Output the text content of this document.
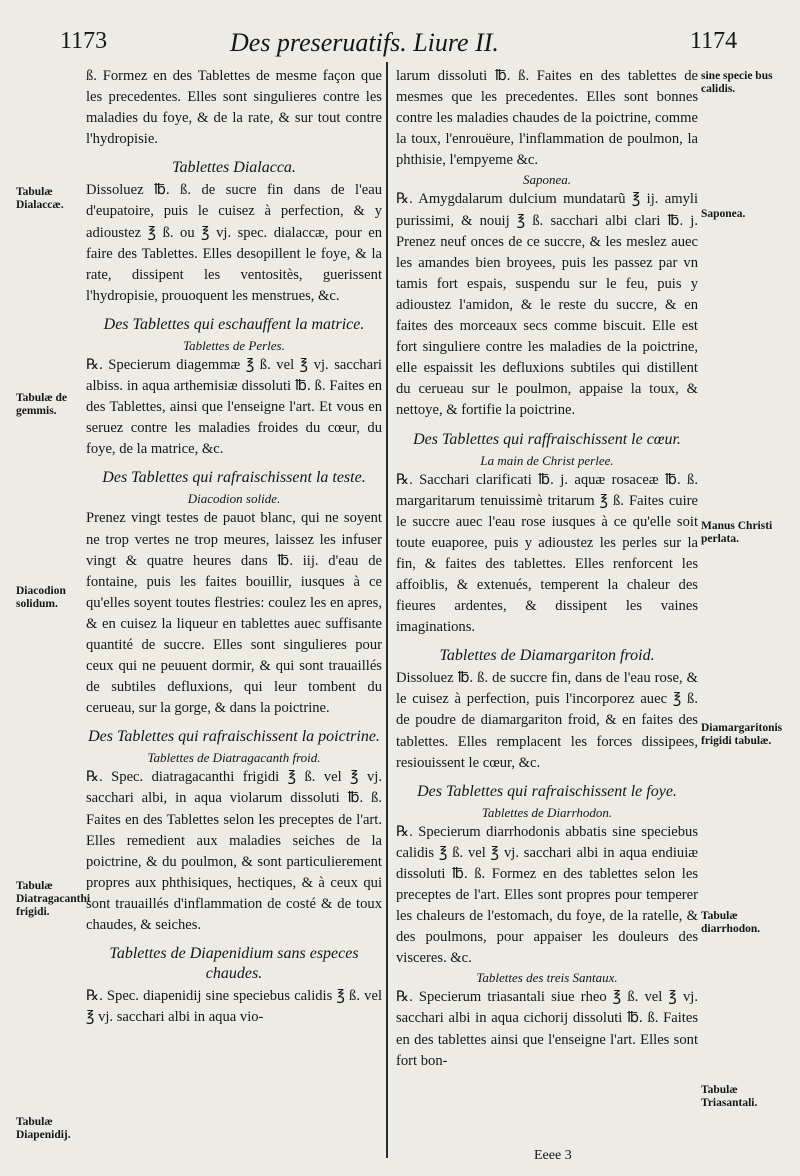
1173	Des preseruatifs. Liure II.	1174
Tabulæ Dialaccæ.
Tabulæ de gemmis.
Diacodion solidum.
Tabulæ Diatragacanthi frigidi.
Tabulæ Diapenidij.
sine specie bus calidis.
Saponea.
Manus Christi perlata.
Diamargaritonis frigidi tabulæ.
Tabulæ diarrhodon.
Tabulæ Triasantali.

ß. Formez en des Tablettes de mesme façon que les precedentes. Elles sont singulieres contre les maladies du foye, & de la rate, & sur tout contre l'hydropisie.

Tablettes Dialacca.

Dissoluez ℔. ß. de sucre fin dans de l'eau d'eupatoire, puis le cuisez à perfection, & y adioustez ℥ ß. ou ℥ vj. spec. dialaccæ, pour en faire des Tablettes. Elles desopillent le foye, & la rate, dissipent les ventositès, guerissent l'hydropisie, prouoquent les menstrues, &c.

Des Tablettes qui eschauffent la matrice.
Tablettes de Perles.

℞. Specierum diagemmæ ℥ ß. vel ℥ vj. sacchari albiss. in aqua arthemisiæ dissoluti ℔. ß. Faites en des Tablettes, ainsi que l'enseigne l'art. Et vous en seruez contre les maladies froides du cœur, du foye, de la matrice, &c.

Des Tablettes qui rafraischissent la teste.
Diacodion solide.

Prenez vingt testes de pauot blanc, qui ne soyent ne trop vertes ne trop meures, laissez les infuser vingt & quatre heures dans ℔. iij. d'eau de fontaine, puis les faites bouillir, iusques à ce qu'elles soyent toutes flestries: coulez les en apres, & en cuisez la liqueur en tablettes auec suffisante quantité de succre. Elles sont singulieres pour ceux qui ne peuuent dormir, & qui sont trauaillés de subtiles defluxions, qui leur tombent du cerueau, sur la gorge, & dans la poictrine.

Des Tablettes qui rafraischissent la poictrine.
Tablettes de Diatragacanth froid.

℞. Spec. diatragacanthi frigidi ℥ ß. vel ℥ vj. sacchari albi, in aqua violarum dissoluti ℔. ß. Faites en des Tablettes selon les preceptes de l'art. Elles remedient aux maladies seiches de la poictrine, & du poulmon, & sont particulierement propres aux phthisiques, hectiques, & à ceux qui sont trauaillés d'inflammation de costé & de toux chaudes, & seiches.

Tablettes de Diapenidium sans especes chaudes.

℞. Spec. diapenidij sine speciebus calidis ℥ ß. vel ℥ vj. sacchari albi in aqua vio-

larum dissoluti ℔. ß. Faites en des tablettes de mesmes que les precedentes. Elles sont bonnes contre les maladies chaudes de la poictrine, comme la toux, l'enrouëure, l'inflammation de poulmon, la phthisie, l'empyeme &c.

Saponea.

℞. Amygdalarum dulcium mundatarũ ℥ ij. amyli purissimi, & nouij ℥ ß. sacchari albi clari ℔. j. Prenez neuf onces de ce succre, & les meslez auec les amandes bien broyees, puis les passez par vn tamis fort espais, suspendu sur le feu, puis y adioustez l'amidon, & le reste du succre, & en faites des morceaux secs comme biscuit. Elle est fort singuliere contre les maladies de la poictrine, elle espaissit les defluxions subtiles qui distillent du cerueau sur le poulmon, appaise la toux, & nettoye, & fortifie la poictrine.

Des Tablettes qui raffraischissent le cœur.
La main de Christ perlee.

℞. Sacchari clarificati ℔. j. aquæ rosaceæ ℔. ß. margaritarum tenuissimè tritarum ℥ ß. Faites cuire le succre auec l'eau rose iusques à ce qu'elle soit toute euaporee, puis y adioustez les perles sur la fin, & faites des tablettes. Elles renforcent les affoiblis, & extenués, temperent la chaleur des fieures ardentes, & dissipent les vaines imaginations.

Tablettes de Diamargariton froid.

Dissoluez ℔. ß. de succre fin, dans de l'eau rose, & le cuisez à perfection, puis l'incorporez auec ℥ ß. de poudre de diamargariton froid, & en faites des tablettes. Elles remplacent les forces dissipees, resiouissent le cœur, &c.

Des Tablettes qui rafraischissent le foye.
Tablettes de Diarrhodon.

℞. Specierum diarrhodonis abbatis sine speciebus calidis ℥ ß. vel ℥ vj. sacchari albi in aqua endiuiæ dissoluti ℔. ß. Formez en des tablettes selon les preceptes de l'art. Elles sont propres pour temperer les chaleurs de l'estomach, du foye, de la ratelle, & des poulmons, pour appaiser les douleurs des visceres. &c.

Tablettes des treis Santaux.

℞. Specierum triasantali siue rheo ℥ ß. vel ℥ vj. sacchari albi in aqua cichorij dissoluti ℔. ß. Faites en des tablettes ainsi que l'enseigne l'art. Elles sont fort bon-

Eeee 3
